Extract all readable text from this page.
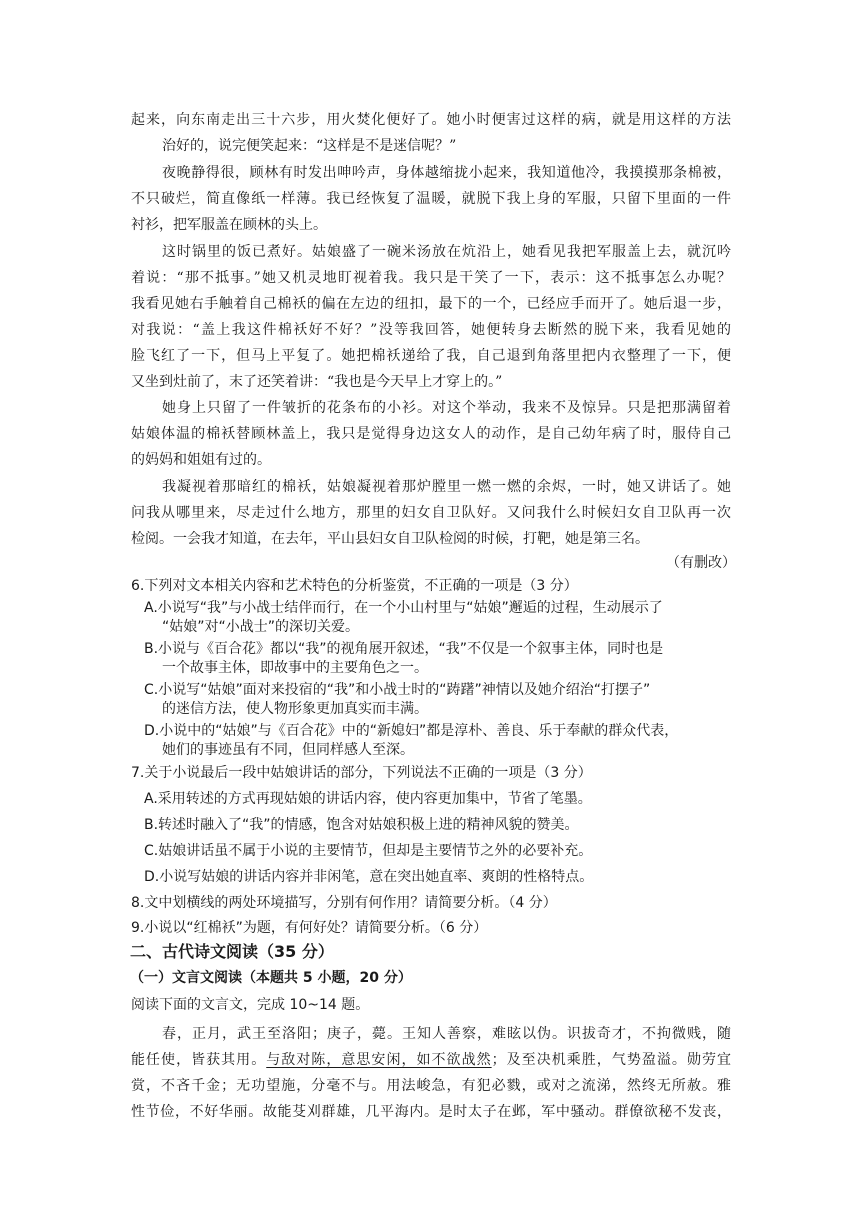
起来，向东南走出三十六步，用火焚化便好了。她小时便害过这样的病，就是用这样的方法
治好的，说完便笑起来：“这样是不是迷信呢？”
夜晚静得很，顾林有时发出呻吟声，身体越缩拢小起来，我知道他冷，我摸摸那条棉被，
不只破烂，简直像纸一样薄。我已经恢复了温暖，就脱下我上身的军服，只留下里面的一件
衬衫，把军服盖在顾林的头上。
这时锅里的饭已煮好。姑娘盛了一碗米汤放在炕沿上，她看见我把军服盖上去，就沉吟
着说：“那不抵事。”她又机灵地盯视着我。我只是干笑了一下，表示：这不抵事怎么办呢？
我看见她右手触着自己棉袄的偏在左边的纽扣，最下的一个，已经应手而开了。她后退一步，
对我说：“盖上我这件棉袄好不好？”没等我回答，她便转身去断然的脱下来，我看见她的
脸飞红了一下，但马上平复了。她把棉袄递给了我，自己退到角落里把内衣整理了一下，便
又坐到灶前了，末了还笑着讲：“我也是今天早上才穿上的。”
她身上只留了一件皱折的花条布的小衫。对这个举动，我来不及惊异。只是把那满留着
姑娘体温的棉袄替顾林盖上，我只是觉得身边这女人的动作，是自己幼年病了时，服侍自己
的妈妈和姐姐有过的。
我凝视着那暗红的棉袄，姑娘凝视着那炉膛里一燃一燃的余烬，一时，她又讲话了。她
问我从哪里来，尽走过什么地方，那里的妇女自卫队好。又问我什么时候妇女自卫队再一次
检阅。一会我才知道，在去年，平山县妇女自卫队检阅的时候，打靶，她是第三名。
（有删改）
6.下列对文本相关内容和艺术特色的分析鉴赏，不正确的一项是（3 分）
A.小说写“我”与小战士结伴而行，在一个小山村里与“姑娘”邂逅的过程，生动展示了
“姑娘”对“小战士”的深切关爱。
B.小说与《百合花》都以“我”的视角展开叙述，“我”不仅是一个叙事主体，同时也是
一个故事主体，即故事中的主要角色之一。
C.小说写“姑娘”面对来投宿的“我”和小战士时的“踌躇”神情以及她介绍治“打摆子”
的迷信方法，使人物形象更加真实而丰满。
D.小说中的“姑娘”与《百合花》中的“新媳妇”都是淳朴、善良、乐于奉献的群众代表，
她们的事迹虽有不同，但同样感人至深。
7.关于小说最后一段中姑娘讲话的部分，下列说法不正确的一项是（3 分）
A.采用转述的方式再现姑娘的讲话内容，使内容更加集中，节省了笔墨。
B.转述时融入了“我”的情感，饱含对姑娘积极上进的精神风貌的赞美。
C.姑娘讲话虽不属于小说的主要情节，但却是主要情节之外的必要补充。
D.小说写姑娘的讲话内容并非闲笔，意在突出她直率、爽朗的性格特点。
8.文中划横线的两处环境描写，分别有何作用？请简要分析。（4 分）
9.小说以“红棉袄”为题，有何好处？请简要分析。（6 分）
二、古代诗文阅读（35 分）
（一）文言文阅读（本题共 5 小题，20 分）
阅读下面的文言文，完成 10~14 题。
春，正月，武王至洛阳；庚子，薨。王知人善察，难眩以伪。识拔奇才，不拘微贱，随
能任使，皆获其用。与敌对陈，意思安闲，如不欲战然；及至决机乘胜，气势盈溢。勋劳宜
赏，不吝千金；无功望施，分毫不与。用法峻急，有犯必戮，或对之流涕，然终无所赦。雅
性节俭，不好华丽。故能芟刈群雄，几平海内。是时太子在邺，军中骚动。群僚欲秘不发丧，
